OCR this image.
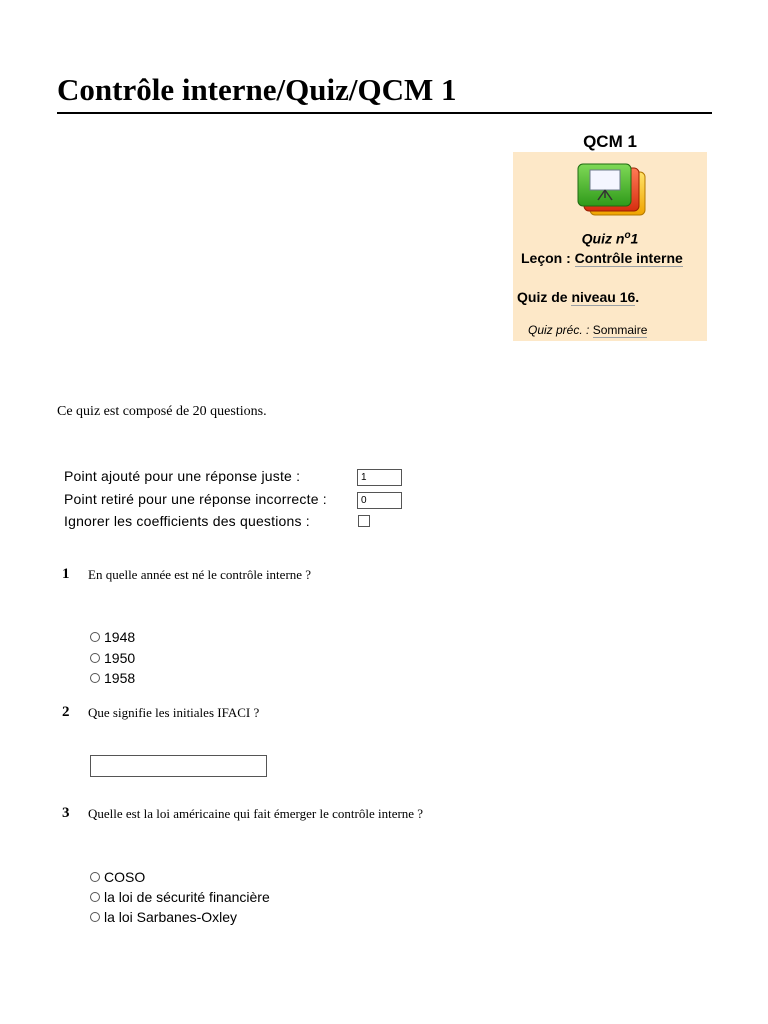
Contrôle interne/Quiz/QCM 1
QCM 1
Quiz $n^o1$
Leçon : Contrôle interne
Quiz de niveau 16.
Quiz préc. : Sommaire
Ce quiz est composé de 20 questions.
Point ajouté pour une réponse juste :
1
Point retiré pour une réponse incorrecte :
0
Ignorer les coefficients des questions :
1 En quelle année est né le contrôle interne ?
1948
1950
1958
2 Que signifie les initiales IFACI ?
3 Quelle est la loi américaine qui fait émerger le contrôle interne ?
COSO
la loi de sécurité financière
la loi Sarbanes-Oxley
